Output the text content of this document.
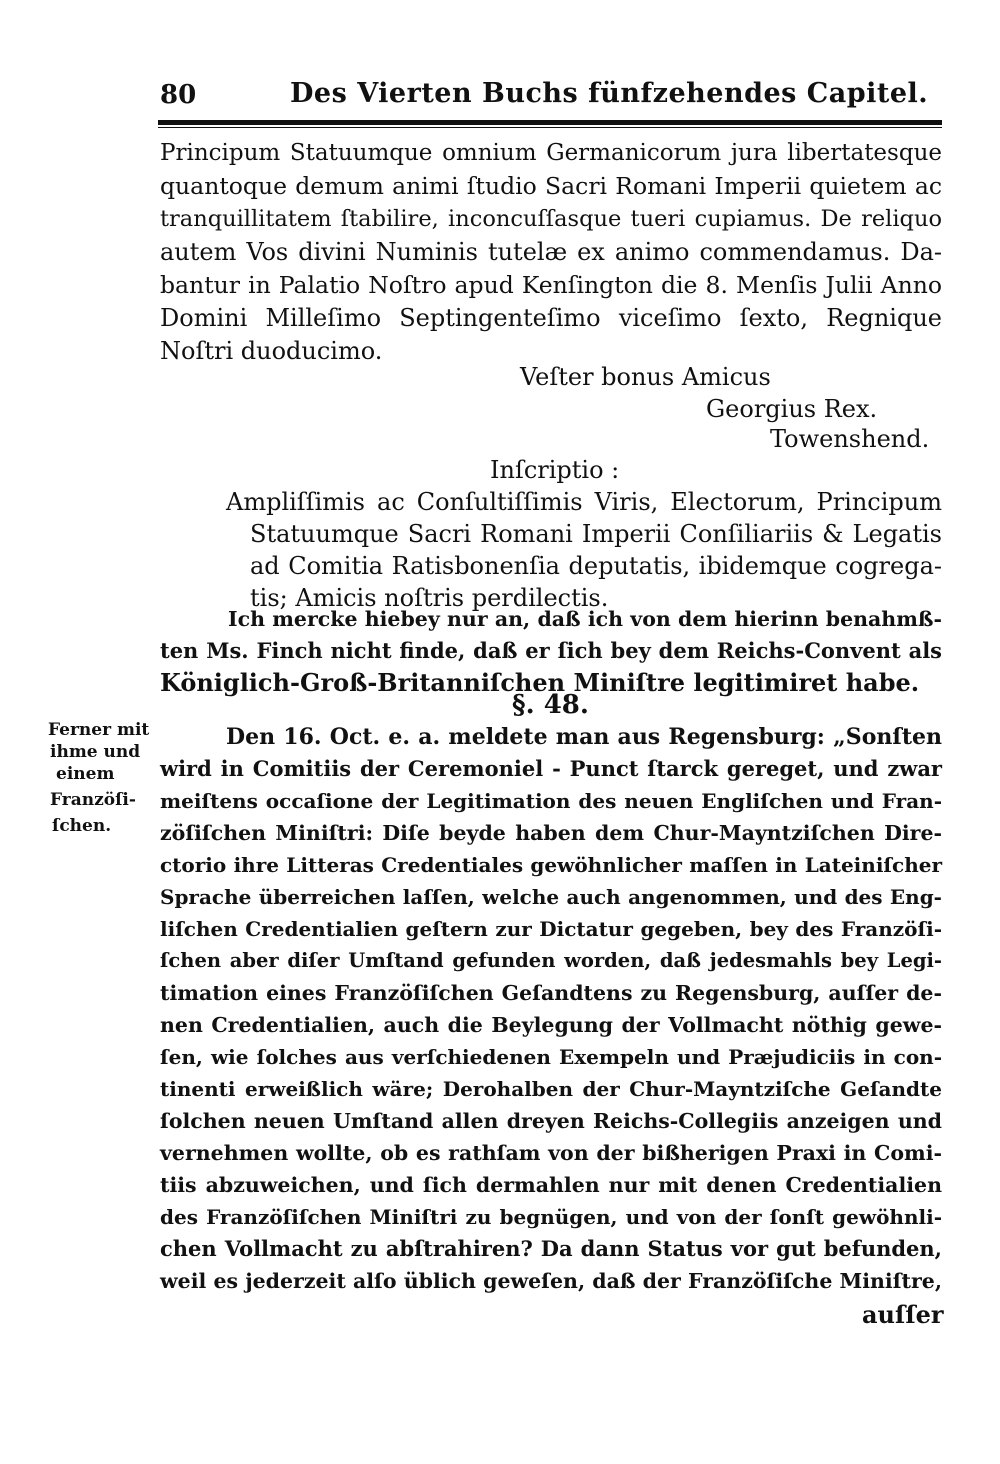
80	Des Vierten Buchs fünfzehendes Capitel.
Principum Statuumque omnium Germanicorum jura libertatesque
quantoque demum animi ſtudio Sacri Romani Imperii quietem ac
tranquillitatem ſtabilire, inconcuſſasque tueri cupiamus. De reliquo
autem Vos divini Numinis tutelæ ex animo commendamus. Da-
bantur in Palatio Noſtro apud Kenſington die 8. Menſis Julii Anno
Domini Milleſimo Septingenteſimo viceſimo ſexto, Regnique
Noſtri duoducimo.
Veſter bonus Amicus
Georgius Rex.
Towenshend.
Inſcriptio :
Ampliſſimis ac Conſultiſſimis Viris, Electorum, Principum
Statuumque Sacri Romani Imperii Conſiliariis & Legatis
ad Comitia Ratisbonenſia deputatis, ibidemque cogrega-
tis; Amicis noſtris perdilectis.
Ich mercke hiebey nur an, daß ich von dem hierinn benahmß-
ten Ms. Finch nicht finde, daß er ſich bey dem Reichs-Convent als
Königlich-Groß-Britanniſchen Miniſtre legitimiret habe.
§. 48.
Ferner mit
ihme und
einem
Franzöſi-
ſchen.
Den 16. Oct. e. a. meldete man aus Regensburg: „Sonſten
wird in Comitiis der Ceremoniel - Punct ſtarck gereget, und zwar
meiſtens occaſione der Legitimation des neuen Engliſchen und Fran-
zöſiſchen Miniſtri: Diſe beyde haben dem Chur-Mayntziſchen Dire-
ctorio ihre Litteras Credentiales gewöhnlicher maſſen in Lateiniſcher
Sprache überreichen laſſen, welche auch angenommen, und des Eng-
liſchen Credentialien geſtern zur Dictatur gegeben, bey des Franzöſi-
ſchen aber diſer Umſtand gefunden worden, daß jedesmahls bey Legi-
timation eines Franzöſiſchen Geſandtens zu Regensburg, auſſer de-
nen Credentialien, auch die Beylegung der Vollmacht nöthig gewe-
ſen, wie ſolches aus verſchiedenen Exempeln und Præjudiciis in con-
tinenti erweißlich wäre; Derohalben der Chur-Mayntziſche Geſandte
ſolchen neuen Umſtand allen dreyen Reichs-Collegiis anzeigen und
vernehmen wollte, ob es rathſam von der bißherigen Praxi in Comi-
tiis abzuweichen, und ſich dermahlen nur mit denen Credentialien
des Franzöſiſchen Miniſtri zu begnügen, und von der ſonſt gewöhnli-
chen Vollmacht zu abſtrahiren? Da dann Status vor gut befunden,
weil es jederzeit alſo üblich geweſen, daß der Franzöſiſche Miniſtre,
auſſer
